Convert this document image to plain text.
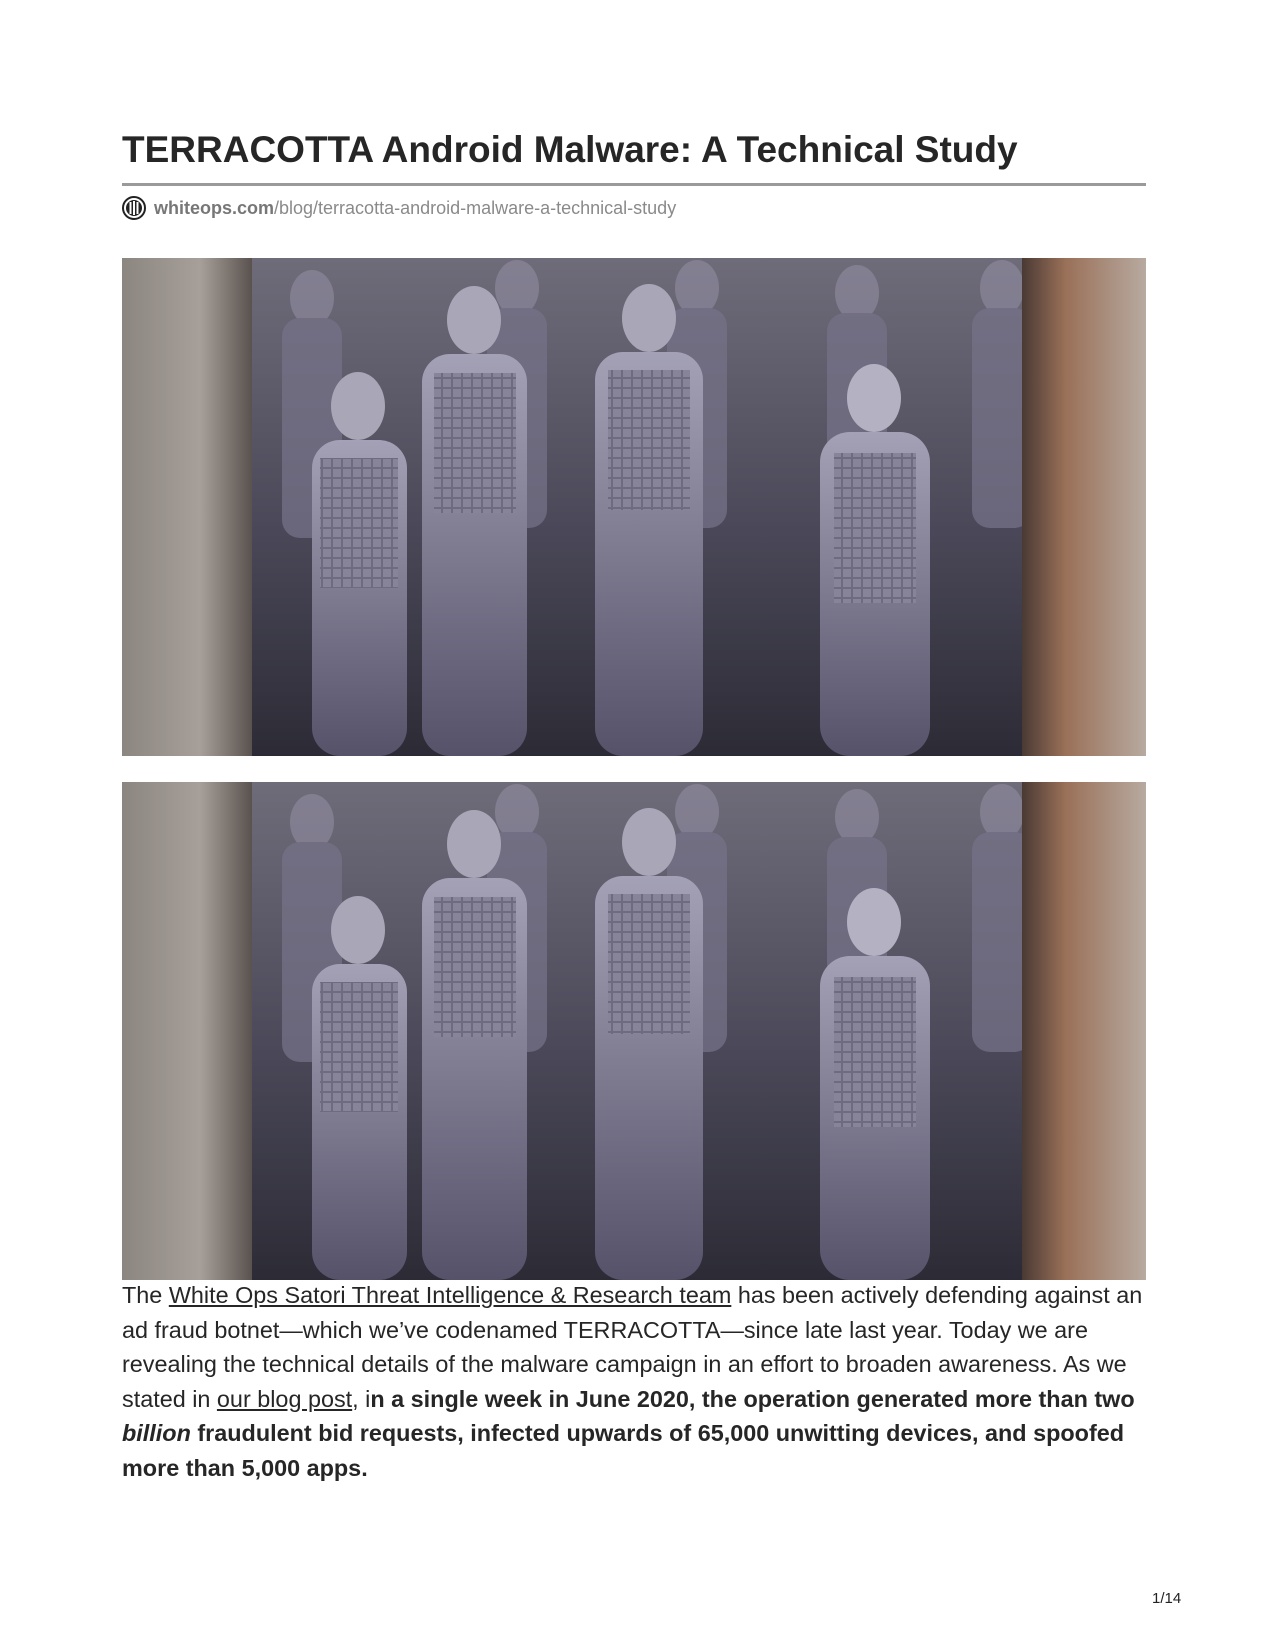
TERRACOTTA Android Malware: A Technical Study
whiteops.com /blog/terracotta-android-malware-a-technical-study

The White Ops Satori Threat Intelligence & Research team has been actively defending against an ad fraud botnet—which we’ve codenamed TERRACOTTA—since late last year. Today we are revealing the technical details of the malware campaign in an effort to broaden awareness. As we stated in our blog post, in a single week in June 2020, the operation generated more than two billion fraudulent bid requests, infected upwards of 65,000 unwitting devices, and spoofed more than 5,000 apps.

1/14
